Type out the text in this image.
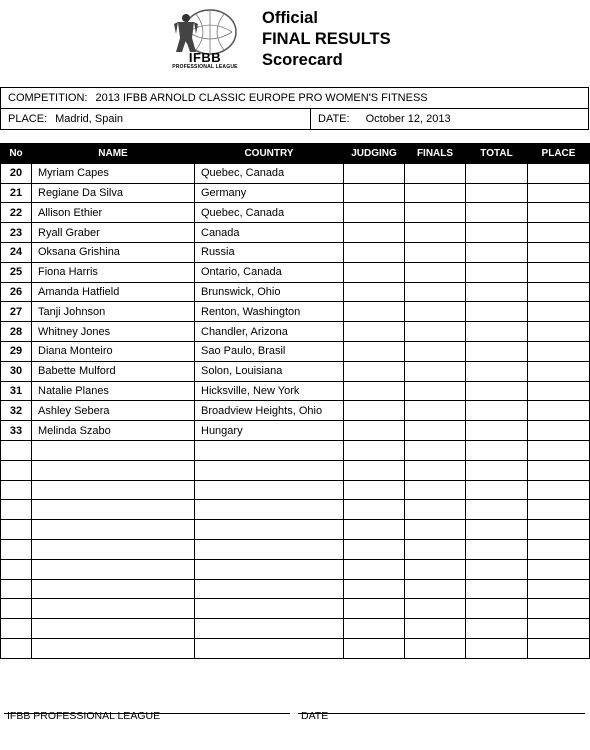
IFBB
PROFESSIONAL LEAGUE
Official
FINAL RESULTS
Scorecard
COMPETITION: 2013 IFBB ARNOLD CLASSIC EUROPE PRO WOMEN'S FITNESS
PLACE: Madrid, Spain	DATE: October 12, 2013
No	NAME	COUNTRY	JUDGING	FINALS	TOTAL	PLACE
20	Myriam Capes	Quebec, Canada				
21	Regiane Da Silva	Germany				
22	Allison Ethier	Quebec, Canada				
23	Ryall Graber	Canada				
24	Oksana Grishina	Russia				
25	Fiona Harris	Ontario, Canada				
26	Amanda Hatfield	Brunswick, Ohio				
27	Tanji Johnson	Renton, Washington				
28	Whitney Jones	Chandler, Arizona				
29	Diana Monteiro	Sao Paulo, Brasil				
30	Babette Mulford	Solon, Louisiana				
31	Natalie Planes	Hicksville, New York				
32	Ashley Sebera	Broadview Heights, Ohio				
33	Melinda Szabo	Hungary				

IFBB PROFESSIONAL LEAGUE	DATE
